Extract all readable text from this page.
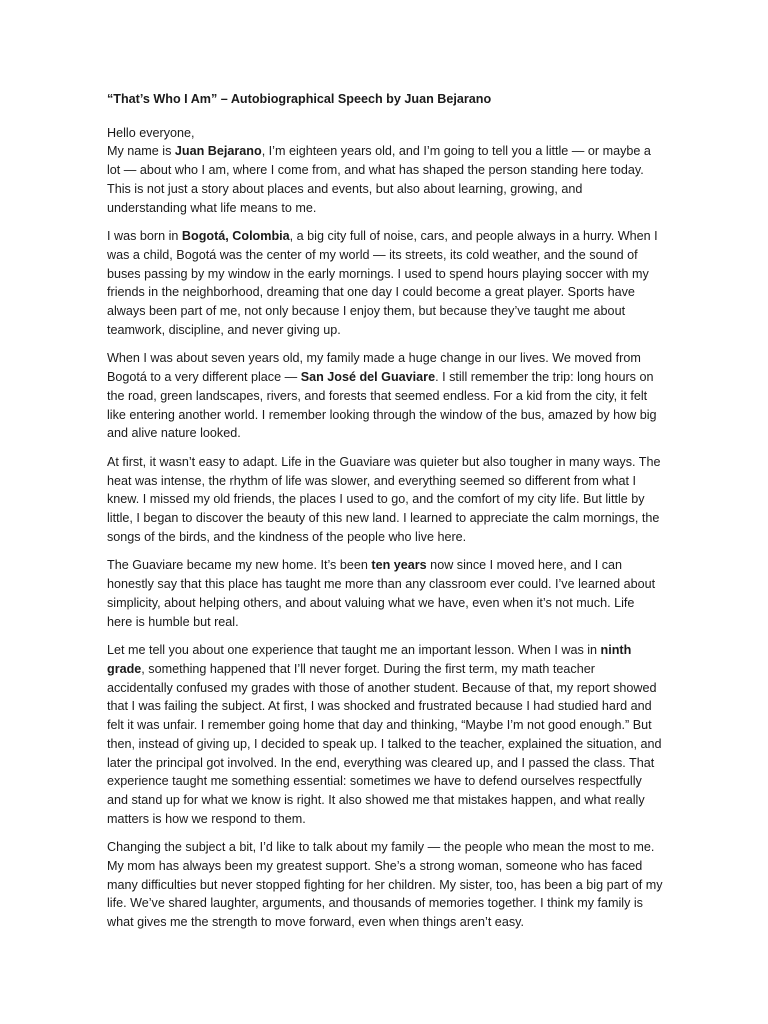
“That’s Who I Am” – Autobiographical Speech by Juan Bejarano

Hello everyone,
My name is Juan Bejarano, I’m eighteen years old, and I’m going to tell you a little — or maybe a lot — about who I am, where I come from, and what has shaped the person standing here today. This is not just a story about places and events, but also about learning, growing, and understanding what life means to me.

I was born in Bogotá, Colombia, a big city full of noise, cars, and people always in a hurry. When I was a child, Bogotá was the center of my world — its streets, its cold weather, and the sound of buses passing by my window in the early mornings. I used to spend hours playing soccer with my friends in the neighborhood, dreaming that one day I could become a great player. Sports have always been part of me, not only because I enjoy them, but because they’ve taught me about teamwork, discipline, and never giving up.

When I was about seven years old, my family made a huge change in our lives. We moved from Bogotá to a very different place — San José del Guaviare. I still remember the trip: long hours on the road, green landscapes, rivers, and forests that seemed endless. For a kid from the city, it felt like entering another world. I remember looking through the window of the bus, amazed by how big and alive nature looked.

At first, it wasn’t easy to adapt. Life in the Guaviare was quieter but also tougher in many ways. The heat was intense, the rhythm of life was slower, and everything seemed so different from what I knew. I missed my old friends, the places I used to go, and the comfort of my city life. But little by little, I began to discover the beauty of this new land. I learned to appreciate the calm mornings, the songs of the birds, and the kindness of the people who live here.

The Guaviare became my new home. It’s been ten years now since I moved here, and I can honestly say that this place has taught me more than any classroom ever could. I’ve learned about simplicity, about helping others, and about valuing what we have, even when it’s not much. Life here is humble but real.

Let me tell you about one experience that taught me an important lesson. When I was in ninth grade, something happened that I’ll never forget. During the first term, my math teacher accidentally confused my grades with those of another student. Because of that, my report showed that I was failing the subject. At first, I was shocked and frustrated because I had studied hard and felt it was unfair. I remember going home that day and thinking, “Maybe I’m not good enough.” But then, instead of giving up, I decided to speak up. I talked to the teacher, explained the situation, and later the principal got involved. In the end, everything was cleared up, and I passed the class. That experience taught me something essential: sometimes we have to defend ourselves respectfully and stand up for what we know is right. It also showed me that mistakes happen, and what really matters is how we respond to them.

Changing the subject a bit, I’d like to talk about my family — the people who mean the most to me. My mom has always been my greatest support. She’s a strong woman, someone who has faced many difficulties but never stopped fighting for her children. My sister, too, has been a big part of my life. We’ve shared laughter, arguments, and thousands of memories together. I think my family is what gives me the strength to move forward, even when things aren’t easy.
